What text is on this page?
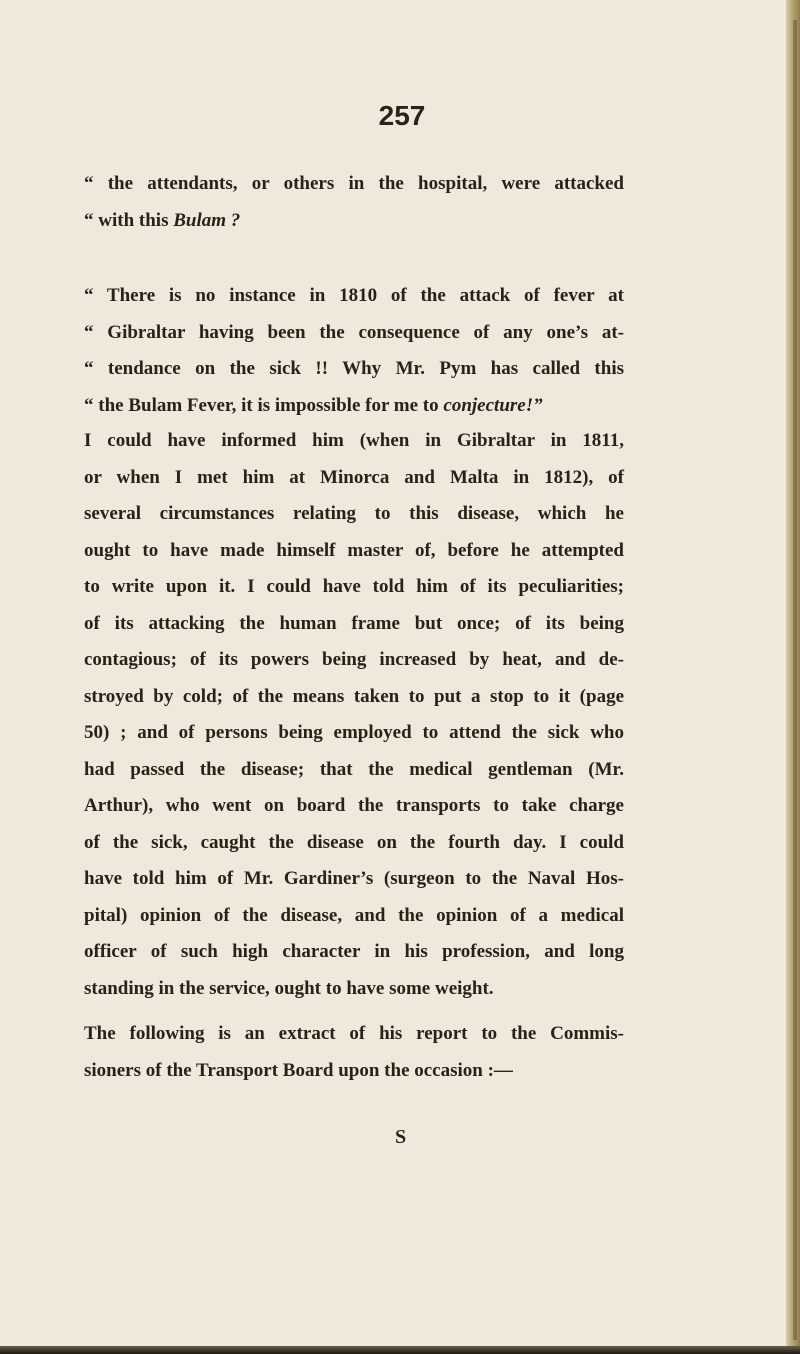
257
“ the attendants, or others in the hospital, were attacked
“ with this Bulam ?
“ There is no instance in 1810 of the attack of fever at
“ Gibraltar having been the consequence of any one’s at-
“ tendance on the sick !! Why Mr. Pym has called this
“ the Bulam Fever, it is impossible for me to conjecture!”
I could have informed him (when in Gibraltar in 1811,
or when I met him at Minorca and Malta in 1812), of
several circumstances relating to this disease, which he
ought to have made himself master of, before he attempted
to write upon it. I could have told him of its peculiarities;
of its attacking the human frame but once; of its being
contagious; of its powers being increased by heat, and de-
stroyed by cold; of the means taken to put a stop to it (page
50) ; and of persons being employed to attend the sick who
had passed the disease; that the medical gentleman (Mr.
Arthur), who went on board the transports to take charge
of the sick, caught the disease on the fourth day. I could
have told him of Mr. Gardiner’s (surgeon to the Naval Hos-
pital) opinion of the disease, and the opinion of a medical
officer of such high character in his profession, and long
standing in the service, ought to have some weight.
The following is an extract of his report to the Commis-
sioners of the Transport Board upon the occasion :—
S
